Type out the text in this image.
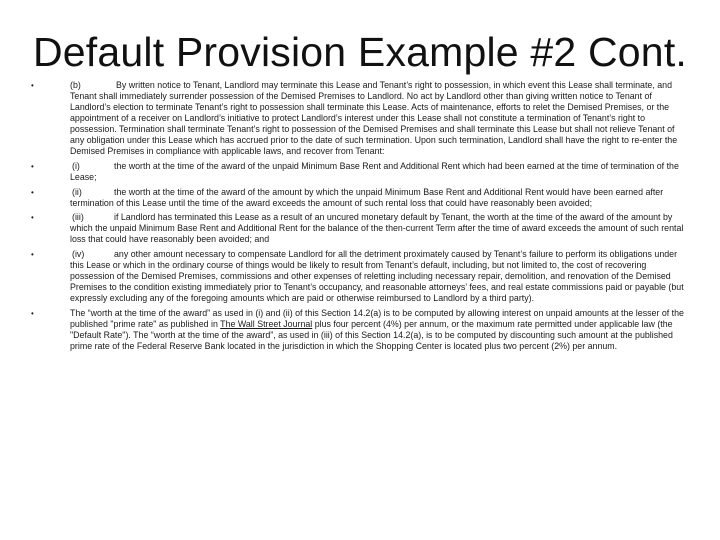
Default Provision Example #2 Cont.
•	(b)	By written notice to Tenant, Landlord may terminate this Lease and Tenant’s right to possession, in which event this Lease shall terminate, and Tenant shall immediately surrender possession of the Demised Premises to Landlord. No act by Landlord other than giving written notice to Tenant of Landlord’s election to terminate Tenant’s right to possession shall terminate this Lease. Acts of maintenance, efforts to relet the Demised Premises, or the appointment of a receiver on Landlord’s initiative to protect Landlord’s interest under this Lease shall not constitute a termination of Tenant’s right to possession. Termination shall terminate Tenant’s right to possession of the Demised Premises and shall terminate this Lease but shall not relieve Tenant of any obligation under this Lease which has accrued prior to the date of such termination. Upon such termination, Landlord shall have the right to re-enter the Demised Premises in compliance with applicable laws, and recover from Tenant:
•	(i)	the worth at the time of the award of the unpaid Minimum Base Rent and Additional Rent which had been earned at the time of termination of the Lease;
•	(ii)	the worth at the time of the award of the amount by which the unpaid Minimum Base Rent and Additional Rent would have been earned after termination of this Lease until the time of the award exceeds the amount of such rental loss that could have reasonably been avoided;
•	(iii)	if Landlord has terminated this Lease as a result of an uncured monetary default by Tenant, the worth at the time of the award of the amount by which the unpaid Minimum Base Rent and Additional Rent for the balance of the then-current Term after the time of award exceeds the amount of such rental loss that could have reasonably been avoided; and
•	(iv)	any other amount necessary to compensate Landlord for all the detriment proximately caused by Tenant’s failure to perform its obligations under this Lease or which in the ordinary course of things would be likely to result from Tenant’s default, including, but not limited to, the cost of recovering possession of the Demised Premises, commissions and other expenses of reletting including necessary repair, demolition, and renovation of the Demised Premises to the condition existing immediately prior to Tenant’s occupancy, and reasonable attorneys’ fees, and real estate commissions paid or payable (but expressly excluding any of the foregoing amounts which are paid or otherwise reimbursed to Landlord by a third party).
•	The “worth at the time of the award” as used in (i) and (ii) of this Section 14.2(a) is to be computed by allowing interest on unpaid amounts at the lesser of the published "prime rate" as published in The Wall Street Journal plus four percent (4%) per annum, or the maximum rate permitted under applicable law (the "Default Rate"). The “worth at the time of the award”, as used in (iii) of this Section 14.2(a), is to be computed by discounting such amount at the published prime rate of the Federal Reserve Bank located in the jurisdiction in which the Shopping Center is located plus two percent (2%) per annum.
